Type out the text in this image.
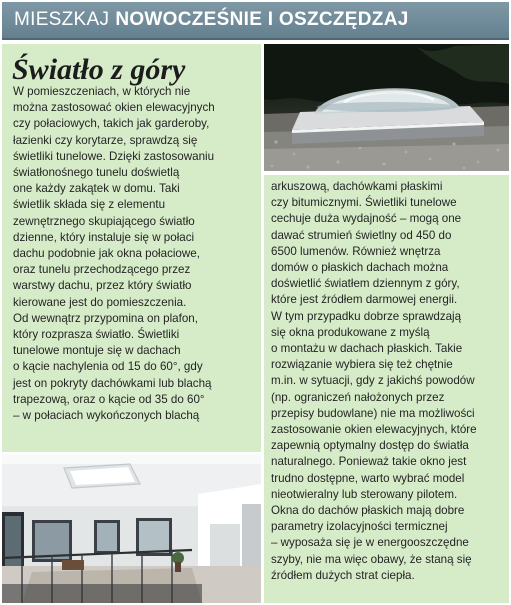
MIESZKAJ NOWOCZEŚNIE I OSZCZĘDZAJ
Światło z góry
W pomieszczeniach, w których nie
można zastosować okien elewacyjnych
czy połaciowych, takich jak garderoby,
łazienki czy korytarze, sprawdzą się
świetliki tunelowe. Dzięki zastosowaniu
światłonośnego tunelu doświetlą
one każdy zakątek w domu. Taki
świetlik składa się z elementu
zewnętrznego skupiającego światło
dzienne, który instaluje się w połaci
dachu podobnie jak okna połaciowe,
oraz tunelu przechodzącego przez
warstwy dachu, przez który światło
kierowane jest do pomieszczenia.
Od wewnątrz przypomina on plafon,
który rozprasza światło. Świetliki
tunelowe montuje się w dachach
o kącie nachylenia od 15 do 60°, gdy
jest on pokryty dachówkami lub blachą
trapezową, oraz o kącie od 35 do 60°
– w połaciach wykończonych blachą
arkuszową, dachówkami płaskimi
czy bitumicznymi. Świetliki tunelowe
cechuje duża wydajność – mogą one
dawać strumień świetlny od 450 do
6500 lumenów. Również wnętrza
domów o płaskich dachach można
doświetlić światłem dziennym z góry,
które jest źródłem darmowej energii.
W tym przypadku dobrze sprawdzają
się okna produkowane z myślą
o montażu w dachach płaskich. Takie
rozwiązanie wybiera się też chętnie
m.in. w sytuacji, gdy z jakichś powodów
(np. ograniczeń nałożonych przez
przepisy budowlane) nie ma możliwości
zastosowanie okien elewacyjnych, które
zapewnią optymalny dostęp do światła
naturalnego. Ponieważ takie okno jest
trudno dostępne, warto wybrać model
nieotwieralny lub sterowany pilotem.
Okna do dachów płaskich mają dobre
parametry izolacyjności termicznej
– wyposaża się je w energooszczędne
szyby, nie ma więc obawy, że staną się
źródłem dużych strat ciepła.
